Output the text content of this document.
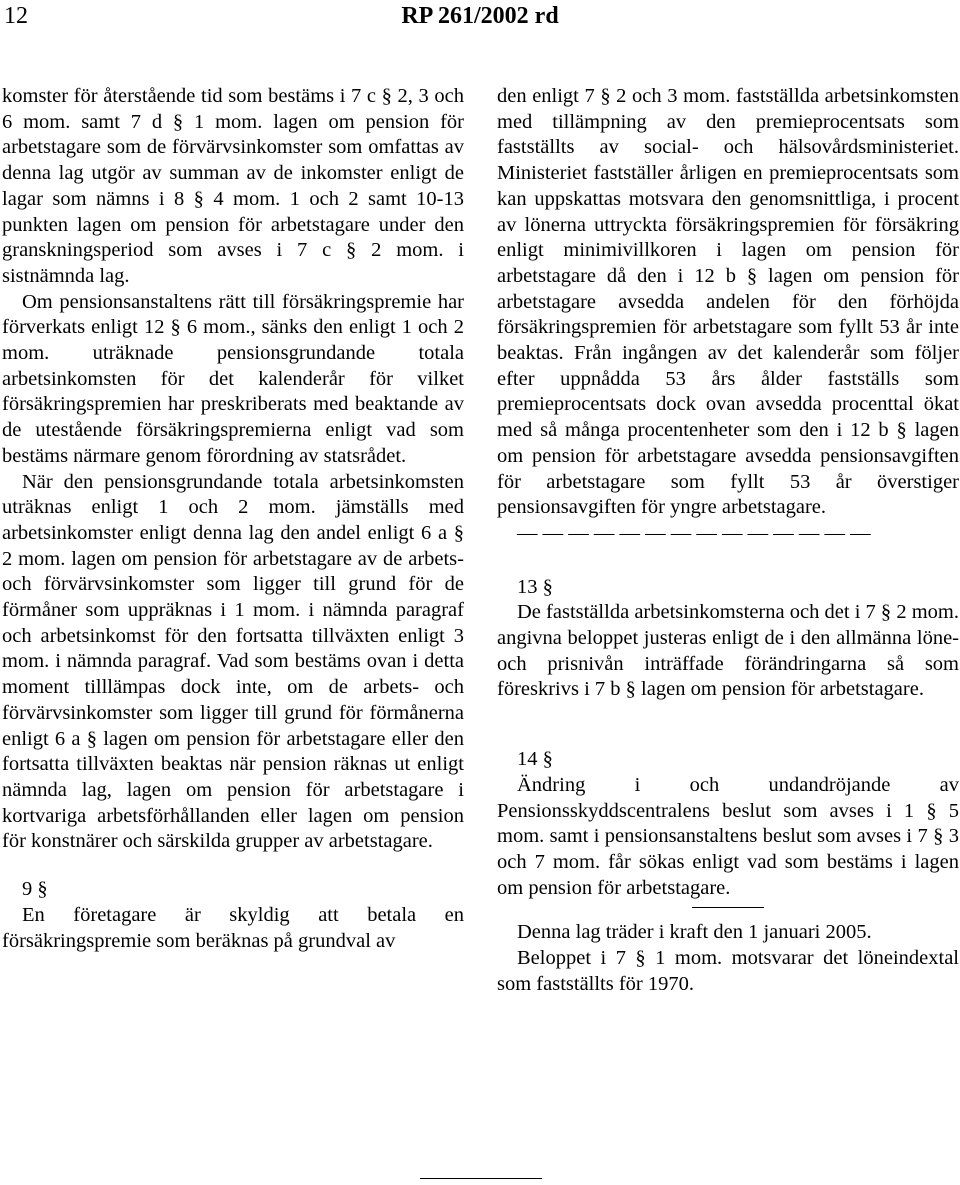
12	RP 261/2002 rd

komster för återstående tid som bestäms i 7 c § 2, 3 och 6 mom. samt 7 d § 1 mom. lagen om pension för arbetstagare som de förvärvsinkomster som omfattas av denna lag utgör av summan av de inkomster enligt de lagar som nämns i 8 § 4 mom. 1 och 2 samt 10-13 punkten lagen om pension för arbetstagare under den granskningsperiod som avses i 7 c § 2 mom. i sistnämnda lag.

Om pensionsanstaltens rätt till försäkringspremie har förverkats enligt 12 § 6 mom., sänks den enligt 1 och 2 mom. uträknade pensionsgrundande totala arbetsinkomsten för det kalenderår för vilket försäkringspremien har preskriberats med beaktande av de utestående försäkringspremierna enligt vad som bestäms närmare genom förordning av statsrådet.

När den pensionsgrundande totala arbetsinkomsten uträknas enligt 1 och 2 mom. jämställs med arbetsinkomster enligt denna lag den andel enligt 6 a § 2 mom. lagen om pension för arbetstagare av de arbets- och förvärvsinkomster som ligger till grund för de förmåner som uppräknas i 1 mom. i nämnda paragraf och arbetsinkomst för den fortsatta tillväxten enligt 3 mom. i nämnda paragraf. Vad som bestäms ovan i detta moment tilllämpas dock inte, om de arbets- och förvärvsinkomster som ligger till grund för förmånerna enligt 6 a § lagen om pension för arbetstagare eller den fortsatta tillväxten beaktas när pension räknas ut enligt nämnda lag, lagen om pension för arbetstagare i kortvariga arbetsförhållanden eller lagen om pension för konstnärer och särskilda grupper av arbetstagare.

9 §

En företagare är skyldig att betala en försäkringspremie som beräknas på grundval av

den enligt 7 § 2 och 3 mom. fastställda arbetsinkomsten med tillämpning av den premieprocentsats som fastställts av social- och hälsovårdsministeriet. Ministeriet fastställer årligen en premieprocentsats som kan uppskattas motsvara den genomsnittliga, i procent av lönerna uttryckta försäkringspremien för försäkring enligt minimivillkoren i lagen om pension för arbetstagare då den i 12 b § lagen om pension för arbetstagare avsedda andelen för den förhöjda försäkringspremien för arbetstagare som fyllt 53 år inte beaktas. Från ingången av det kalenderår som följer efter uppnådda 53 års ålder fastställs som premieprocentsats dock ovan avsedda procenttal ökat med så många procentenheter som den i 12 b § lagen om pension för arbetstagare avsedda pensionsavgiften för arbetstagare som fyllt 53 år överstiger pensionsavgiften för yngre arbetstagare.

— — — — — — — — — — — — — —

13 §

De fastställda arbetsinkomsterna och det i 7 § 2 mom. angivna beloppet justeras enligt de i den allmänna löne- och prisnivån inträffade förändringarna så som föreskrivs i 7 b § lagen om pension för arbetstagare.

14 §

Ändring i och undandröjande av Pensionsskyddscentralens beslut som avses i 1 § 5 mom. samt i pensionsanstaltens beslut som avses i 7 § 3 och 7 mom. får sökas enligt vad som bestäms i lagen om pension för arbetstagare.

Denna lag träder i kraft den 1 januari 2005.

Beloppet i 7 § 1 mom. motsvarar det löneindextal som fastställts för 1970.
